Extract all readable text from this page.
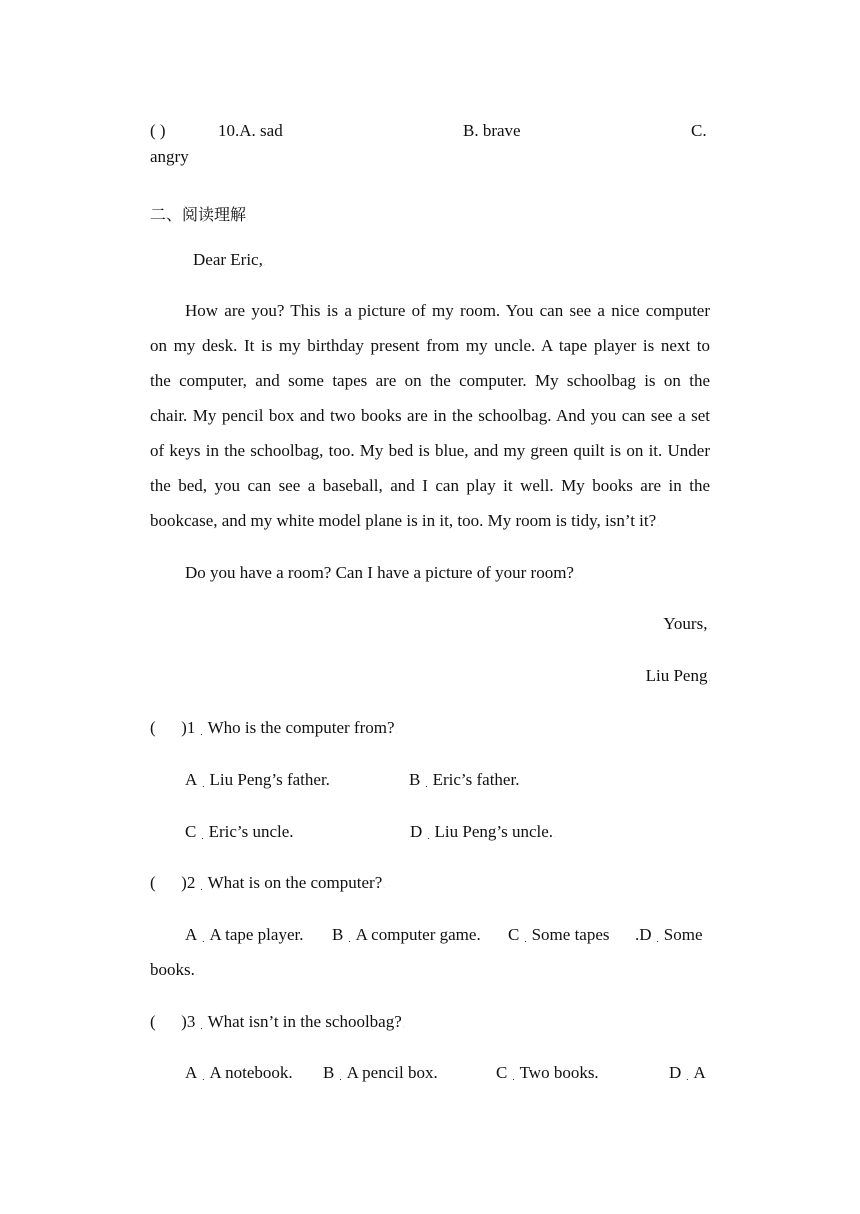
( )	10.A. sad	B. brave	C.
angry
二、阅读理解
Dear Eric,ᐧ
How are you? This is a picture of my room. You can see a nice computer
on my desk. It is my birthday present from my uncle. A tape player is next to
the computer, and some tapes are on the computer. My schoolbag is on the
chair. My pencil box and two books are in the schoolbag. And you can see a set
of keys in the schoolbag, too. My bed is blue, and my green quilt is on it. Under
the bed, you can see a baseball, and I can play it well. My books are in the
bookcase, and my white model plane is in it, too. My room is tidy, isn’t it?ᐧ
Do you have a room? Can I have a picture of your room?ᐧ
Yours,ᐧ
Liu Pengᐧ
(      )1 . Who is the computer from?ᐧ
A . Liu Peng’s father.	B . Eric’s father.
C . Eric’s uncle.	D . Liu Peng’s uncle.ᐧ
(      )2 . What is on the computer?ᐧ
A . A tape player. B . A computer game. C . Some tapes .D . Some
books.ᐧ
(      )3 . What isn’t in the schoolbag?ᐧ
A . A notebook. B . A pencil box.	C . Two books.	D . A
